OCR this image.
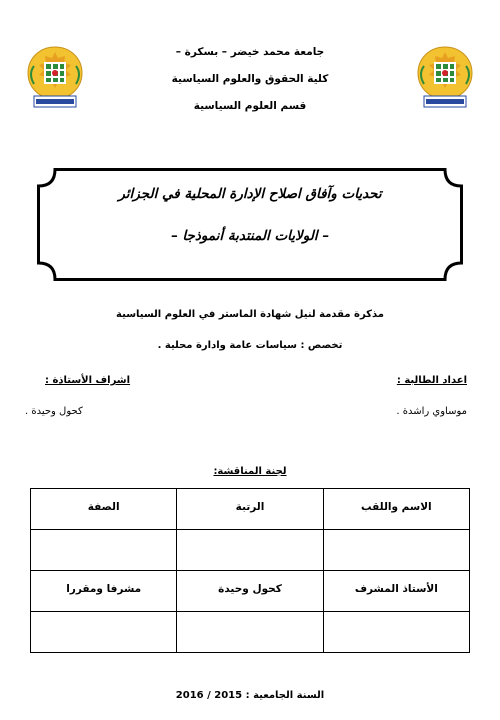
جامعة محمد خيضر – بسكرة –
كلية الحقوق والعلوم السياسية
قسم العلوم السياسية
تحديات وآفاق اصلاح الإدارة المحلية في الجزائر
– الولايات المنتدبة أنموذجا –
مذكرة مقدمة لنيل شهادة الماستر في العلوم السياسية
تخصص : سياسات عامة وادارة محلية .
اعداد الطالبة :
موساوي راشدة .
اشراف الأستاذة :
كحول وحيدة .
لجنة المناقشة:
الاسم واللقب	الرتبة	الصفة

الأستاذ المشرف	كحول وحيدة	مشرفا ومقررا

السنة الجامعية : 2015 / 2016
